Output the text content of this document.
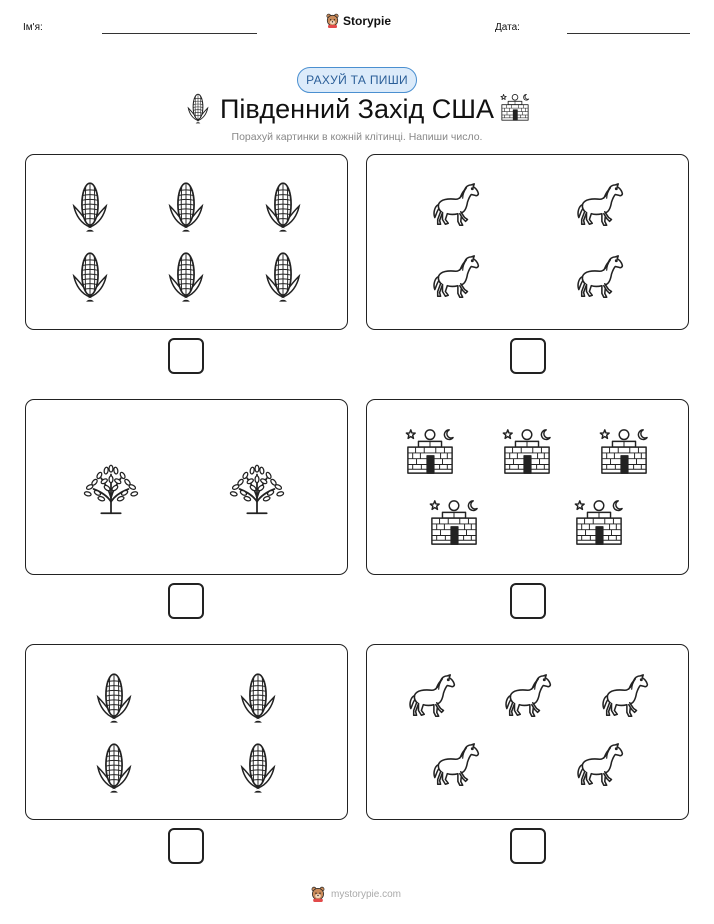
Ім'я:	Storypie	Дата:
РАХУЙ ТА ПИШИ
Південний Захід США
Порахуй картинки в кожній клітинці. Напиши число.
mystorypie.com
